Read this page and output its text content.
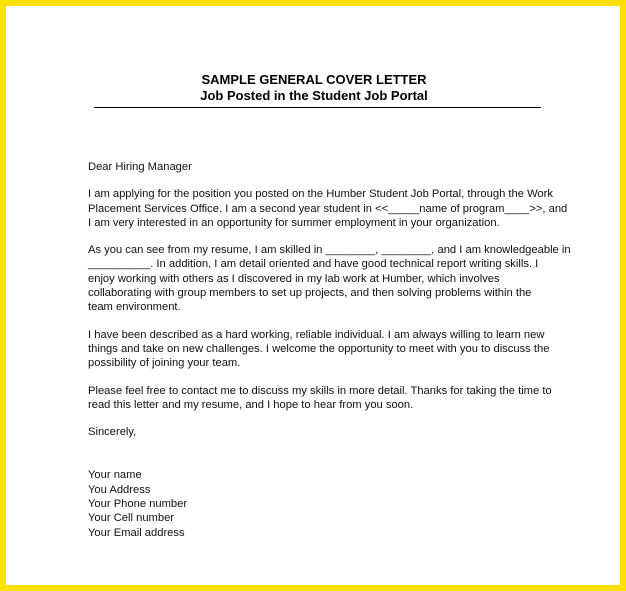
SAMPLE GENERAL COVER LETTER

Job Posted in the Student Job Portal

Dear Hiring Manager
I am applying for the position you posted on the Humber Student Job Portal, through the Work
Placement Services Office. I am a second year student in <<_____name of program____>>, and
I am very interested in an opportunity for summer employment in your organization.
As you can see from my resume, I am skilled in ________, ________, and I am knowledgeable in
__________. In addition, I am detail oriented and have good technical report writing skills. I
enjoy working with others as I discovered in my lab work at Humber, which involves
collaborating with group members to set up projects, and then solving problems within the
team environment.
I have been described as a hard working, reliable individual. I am always willing to learn new
things and take on new challenges. I welcome the opportunity to meet with you to discuss the
possibility of joining your team.
Please feel free to contact me to discuss my skills in more detail. Thanks for taking the time to
read this letter and my resume, and I hope to hear from you soon.
Sincerely,
Your name
You Address
Your Phone number
Your Cell number
Your Email address
